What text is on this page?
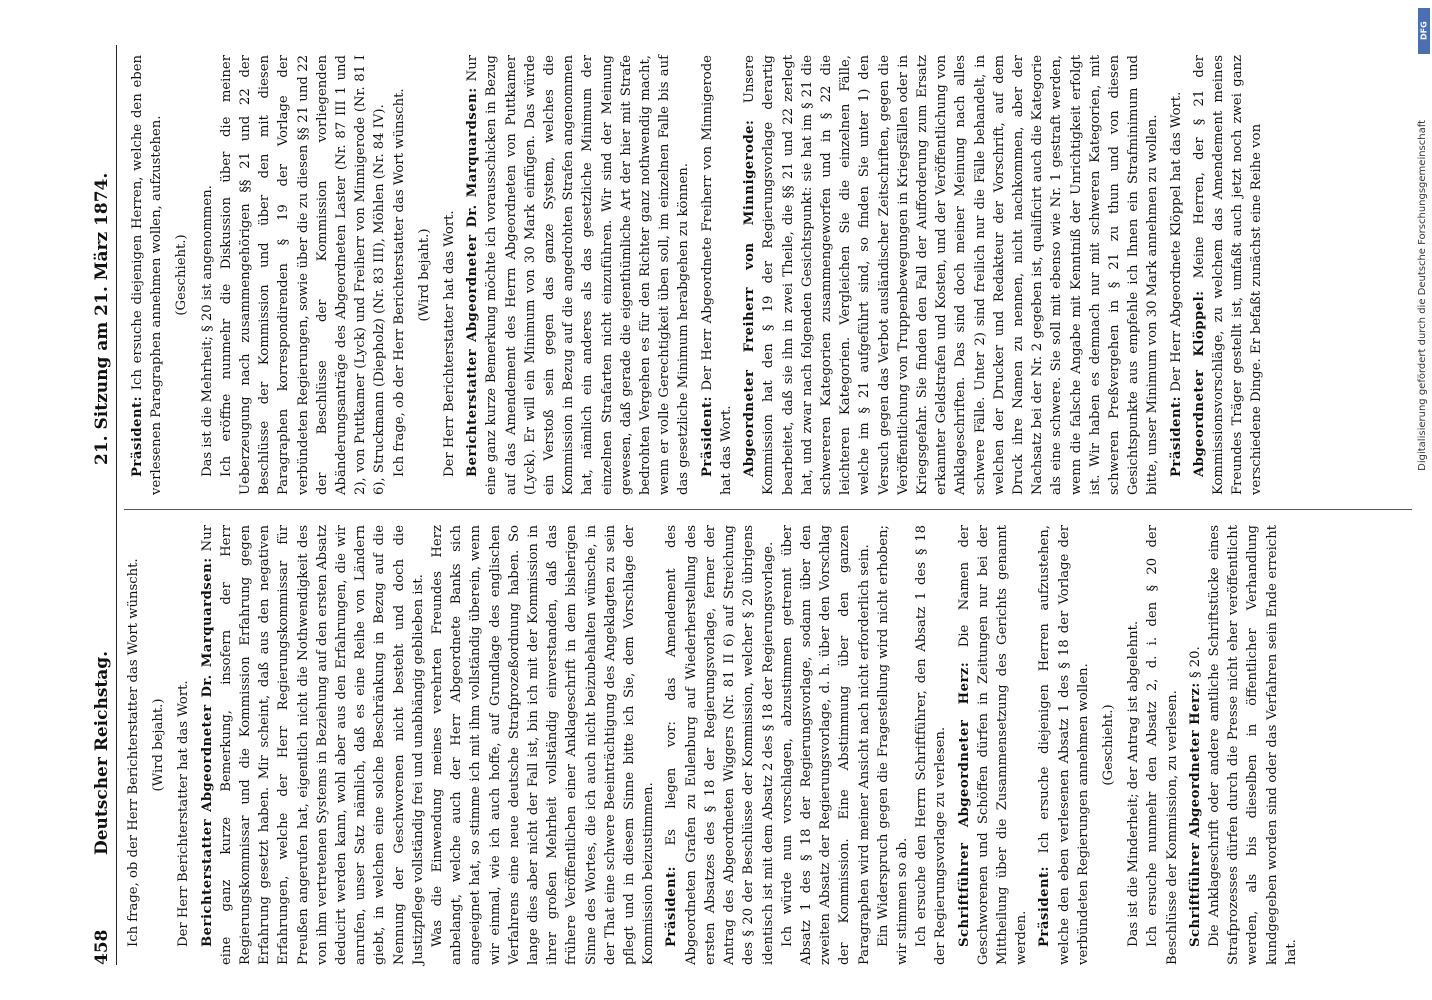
458
Deutscher Reichstag.
21. Sitzung am 21. März 1874.

Ich frage, ob der Herr Berichterstatter das Wort wünscht. (Wird bejaht.) Der Herr Berichterstatter hat das Wort. Berichterstatter Abgeordneter Dr. Marquardsen: Nur eine ganz kurze Bemerkung, insofern der Herr Regierungskommissar und die Kommission Erfahrung gegen Erfahrung gesetzt haben. Mir scheint, daß aus den negativen Erfahrungen, welche der Herr Regierungskommissar für Preußen angerufen hat, eigentlich nicht die Nothwendigkeit des von ihm vertretenen Systems in Beziehung auf den ersten Absatz deducirt werden kann, wohl aber aus den Erfahrungen, die wir anrufen, unser Satz nämlich, daß es eine Reihe von Ländern giebt, in welchen eine solche Beschränkung in Bezug auf die Nennung der Geschworenen nicht besteht und doch die Justizpflege vollständig frei und unabhängig geblieben ist. Was die Einwendung meines verehrten Freundes Herz anbelangt, welche auch der Herr Abgeordnete Banks sich angeeignet hat, so stimme ich mit ihm vollständig überein, wenn wir einmal, wie ich auch hoffe, auf Grundlage des englischen Verfahrens eine neue deutsche Strafprozeßordnung haben. So lange dies aber nicht der Fall ist, bin ich mit der Kommission in ihrer großen Mehrheit vollständig einverstanden, daß das frühere Veröffentlichen einer Anklageschrift in dem bisherigen Sinne des Wortes, die ich auch nicht beizubehalten wünsche, in der That eine schwere Beeinträchtigung des Angeklagten zu sein pflegt und in diesem Sinne bitte ich Sie, dem Vorschlage der Kommission beizustimmen. Präsident: Es liegen vor: das Amendement des Abgeordneten Grafen zu Eulenburg auf Wiederherstellung des ersten Absatzes des § 18 der Regierungsvorlage, ferner der Antrag des Abgeordneten Wiggers (Nr. 81 II 6) auf Streichung des § 20 der Beschlüsse der Kommission, welcher § 20 übrigens identisch ist mit dem Absatz 2 des § 18 der Regierungsvorlage. Ich würde nun vorschlagen, abzustimmen getrennt über Absatz 1 des § 18 der Regierungsvorlage, sodann über den zweiten Absatz der Regierungsvorlage, d. h. über den Vorschlag der Kommission. Eine Abstimmung über den ganzen Paragraphen wird meiner Ansicht nach nicht erforderlich sein. Ein Widerspruch gegen die Fragestellung wird nicht erhoben; wir stimmen so ab. Ich ersuche den Herrn Schriftführer, den Absatz 1 des § 18 der Regierungsvorlage zu verlesen. Schriftführer Abgeordneter Herz: Die Namen der Geschworenen und Schöffen dürfen in Zeitungen nur bei der Mittheilung über die Zusammensetzung des Gerichts genannt werden. Präsident: Ich ersuche diejenigen Herren aufzustehen, welche den eben verlesenen Absatz 1 des § 18 der Vorlage der verbündeten Regierungen annehmen wollen. (Geschieht.) Das ist die Minderheit; der Antrag ist abgelehnt. Ich ersuche nunmehr den Absatz 2, d. i. den § 20 der Beschlüsse der Kommission, zu verlesen. Schriftführer Abgeordneter Herz: § 20. Die Anklageschrift oder andere amtliche Schriftstücke eines Strafprozesses dürfen durch die Presse nicht eher veröffentlicht werden, als bis dieselben in öffentlicher Verhandlung kundgegeben worden sind oder das Verfahren sein Ende erreicht hat.

Präsident: Ich ersuche diejenigen Herren, welche den eben verlesenen Paragraphen annehmen wollen, aufzustehen. (Geschieht.) Das ist die Mehrheit; § 20 ist angenommen. Ich eröffne nunmehr die Diskussion über die meiner Ueberzeugung nach zusammengehörigen §§ 21 und 22 der Beschlüsse der Kommission und über den mit diesen Paragraphen korrespondirenden § 19 der Vorlage der verbündeten Regierungen, sowie über die zu diesen §§ 21 und 22 der Beschlüsse der Kommission vorliegenden Abänderungsanträge des Abgeordneten Laster (Nr. 87 III 1 und 2), von Puttkamer (Lyck) und Freiherr von Minnigerode (Nr. 81 I 6), Struckmann (Diepholz) (Nr. 83 III), Möhlen (Nr. 84 IV). Ich frage, ob der Herr Berichterstatter das Wort wünscht. (Wird bejaht.) Der Herr Berichterstatter hat das Wort. Berichterstatter Abgeordneter Dr. Marquardsen: Nur eine ganz kurze Bemerkung möchte ich vorausschicken in Bezug auf das Amendement des Herrn Abgeordneten von Puttkamer (Lyck). Er will ein Minimum von 30 Mark einfügen. Das würde ein Verstoß sein gegen das ganze System, welches die Kommission in Bezug auf die angedrohten Strafen angenommen hat, nämlich ein anderes als das gesetzliche Minimum der einzelnen Strafarten nicht einzuführen. Wir sind der Meinung gewesen, daß gerade die eigenthümliche Art der hier mit Strafe bedrohten Vergehen es für den Richter ganz nothwendig macht, wenn er volle Gerechtigkeit üben soll, im einzelnen Falle bis auf das gesetzliche Minimum herabgehen zu können. Präsident: Der Herr Abgeordnete Freiherr von Minnigerode hat das Wort. Abgeordneter Freiherr von Minnigerode: Unsere Kommission hat den § 19 der Regierungsvorlage derartig bearbeitet, daß sie ihn in zwei Theile, die §§ 21 und 22 zerlegt hat, und zwar nach folgenden Gesichtspunkt: sie hat im § 21 die schwereren Kategorien zusammengeworfen und in § 22 die leichteren Kategorien. Vergleichen Sie die einzelnen Fälle, welche im § 21 aufgeführt sind, so finden Sie unter 1) den Versuch gegen das Verbot ausländischer Zeitschriften, gegen die Veröffentlichung von Truppenbewegungen in Kriegsfällen oder in Kriegsgefahr. Sie finden den Fall der Aufforderung zum Ersatz erkannter Geldstrafen und Kosten, und der Veröffentlichung von Anklageschriften. Das sind doch meiner Meinung nach alles schwere Fälle. Unter 2) sind freilich nur die Fälle behandelt, in welchen der Drucker und Redakteur der Vorschrift, auf dem Druck ihre Namen zu nennen, nicht nachkommen, aber der Nachsatz bei der Nr. 2 gegeben ist, qualificirt auch die Kategorie als eine schwere. Sie soll mit ebenso wie Nr. 1 gestraft werden, wenn die falsche Angabe mit Kenntniß der Unrichtigkeit erfolgt ist. Wir haben es demnach nur mit schweren Kategorien, mit schweren Preßvergehen in § 21 zu thun und von diesen Gesichtspunkte aus empfehle ich Ihnen ein Strafminimum und bitte, unser Minimum von 30 Mark annehmen zu wollen. Präsident: Der Herr Abgeordnete Klöppel hat das Wort. Abgeordneter Klöppel: Meine Herren, der § 21 der Kommissionsvorschläge, zu welchem das Amendement meines Freundes Träger gestellt ist, umfaßt auch jetzt noch zwei ganz verschiedene Dinge. Er befaßt zunächst eine Reihe von

DFG
Digitalisierung gefördert durch die Deutsche Forschungsgemeinschaft
